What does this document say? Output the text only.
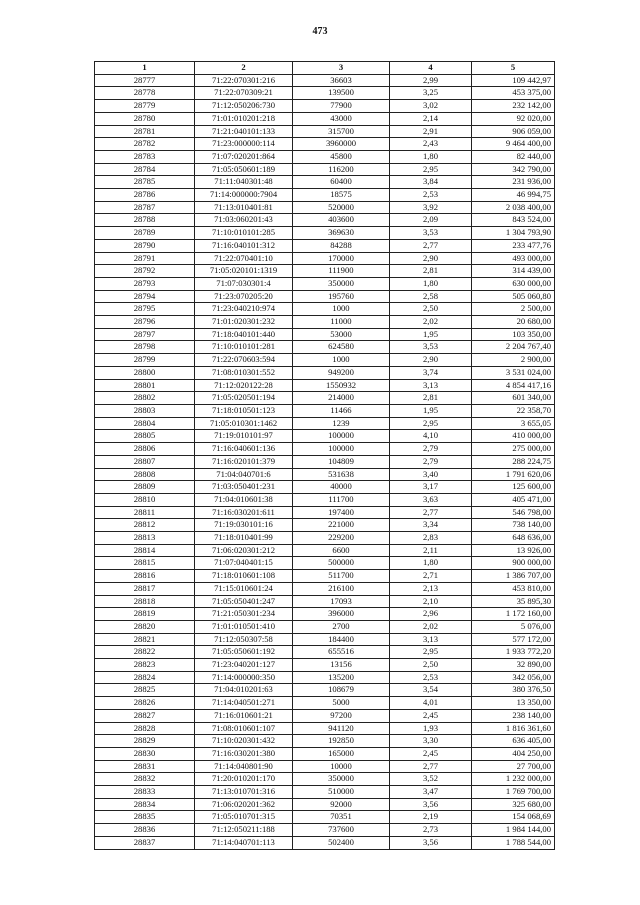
473
1	2	3	4	5
28777	71:22:070301:216	36603	2,99	109 442,97
28778	71:22:070309:21	139500	3,25	453 375,00
28779	71:12:050206:730	77900	3,02	232 142,00
28780	71:01:010201:218	43000	2,14	92 020,00
28781	71:21:040101:133	315700	2,91	906 059,00
28782	71:23:000000:114	3960000	2,43	9 464 400,00
28783	71:07:020201:864	45800	1,80	82 440,00
28784	71:05:050601:189	116200	2,95	342 790,00
28785	71:11:040301:48	60400	3,84	231 936,00
28786	71:14:000000:7904	18575	2,53	46 994,75
28787	71:13:010401:81	520000	3,92	2 038 400,00
28788	71:03:060201:43	403600	2,09	843 524,00
28789	71:10:010101:285	369630	3,53	1 304 793,90
28790	71:16:040101:312	84288	2,77	233 477,76
28791	71:22:070401:10	170000	2,90	493 000,00
28792	71:05:020101:1319	111900	2,81	314 439,00
28793	71:07:030301:4	350000	1,80	630 000,00
28794	71:23:070205:20	195760	2,58	505 060,80
28795	71:23:040210:974	1000	2,50	2 500,00
28796	71:01:020301:232	11000	2,02	20 680,00
28797	71:18:040101:440	53000	1,95	103 350,00
28798	71:10:010101:281	624580	3,53	2 204 767,40
28799	71:22:070603:594	1000	2,90	2 900,00
28800	71:08:010301:552	949200	3,74	3 531 024,00
28801	71:12:020122:28	1550932	3,13	4 854 417,16
28802	71:05:020501:194	214000	2,81	601 340,00
28803	71:18:010501:123	11466	1,95	22 358,70
28804	71:05:010301:1462	1239	2,95	3 655,05
28805	71:19:010101:97	100000	4,10	410 000,00
28806	71:16:040601:136	100000	2,79	275 000,00
28807	71:16:020101:379	104809	2,79	288 224,75
28808	71:04:040701:6	531638	3,40	1 791 620,06
28809	71:03:050401:231	40000	3,17	125 600,00
28810	71:04:010601:38	111700	3,63	405 471,00
28811	71:16:030201:611	197400	2,77	546 798,00
28812	71:19:030101:16	221000	3,34	738 140,00
28813	71:18:010401:99	229200	2,83	648 636,00
28814	71:06:020301:212	6600	2,11	13 926,00
28815	71:07:040401:15	500000	1,80	900 000,00
28816	71:18:010601:108	511700	2,71	1 386 707,00
28817	71:15:010601:24	216100	2,13	453 810,00
28818	71:05:050401:247	17093	2,10	35 895,30
28819	71:21:050301:234	396000	2,96	1 172 160,00
28820	71:01:010501:410	2700	2,02	5 076,00
28821	71:12:050307:58	184400	3,13	577 172,00
28822	71:05:050601:192	655516	2,95	1 933 772,20
28823	71:23:040201:127	13156	2,50	32 890,00
28824	71:14:000000:350	135200	2,53	342 056,00
28825	71:04:010201:63	108679	3,54	380 376,50
28826	71:14:040501:271	5000	4,01	13 350,00
28827	71:16:010601:21	97200	2,45	238 140,00
28828	71:08:010601:107	941120	1,93	1 816 361,60
28829	71:10:020301:432	192850	3,30	636 405,00
28830	71:16:030201:380	165000	2,45	404 250,00
28831	71:14:040801:90	10000	2,77	27 700,00
28832	71:20:010201:170	350000	3,52	1 232 000,00
28833	71:13:010701:316	510000	3,47	1 769 700,00
28834	71:06:020201:362	92000	3,56	325 680,00
28835	71:05:010701:315	70351	2,19	154 068,69
28836	71:12:050211:188	737600	2,73	1 984 144,00
28837	71:14:040701:113	502400	3,56	1 788 544,00
